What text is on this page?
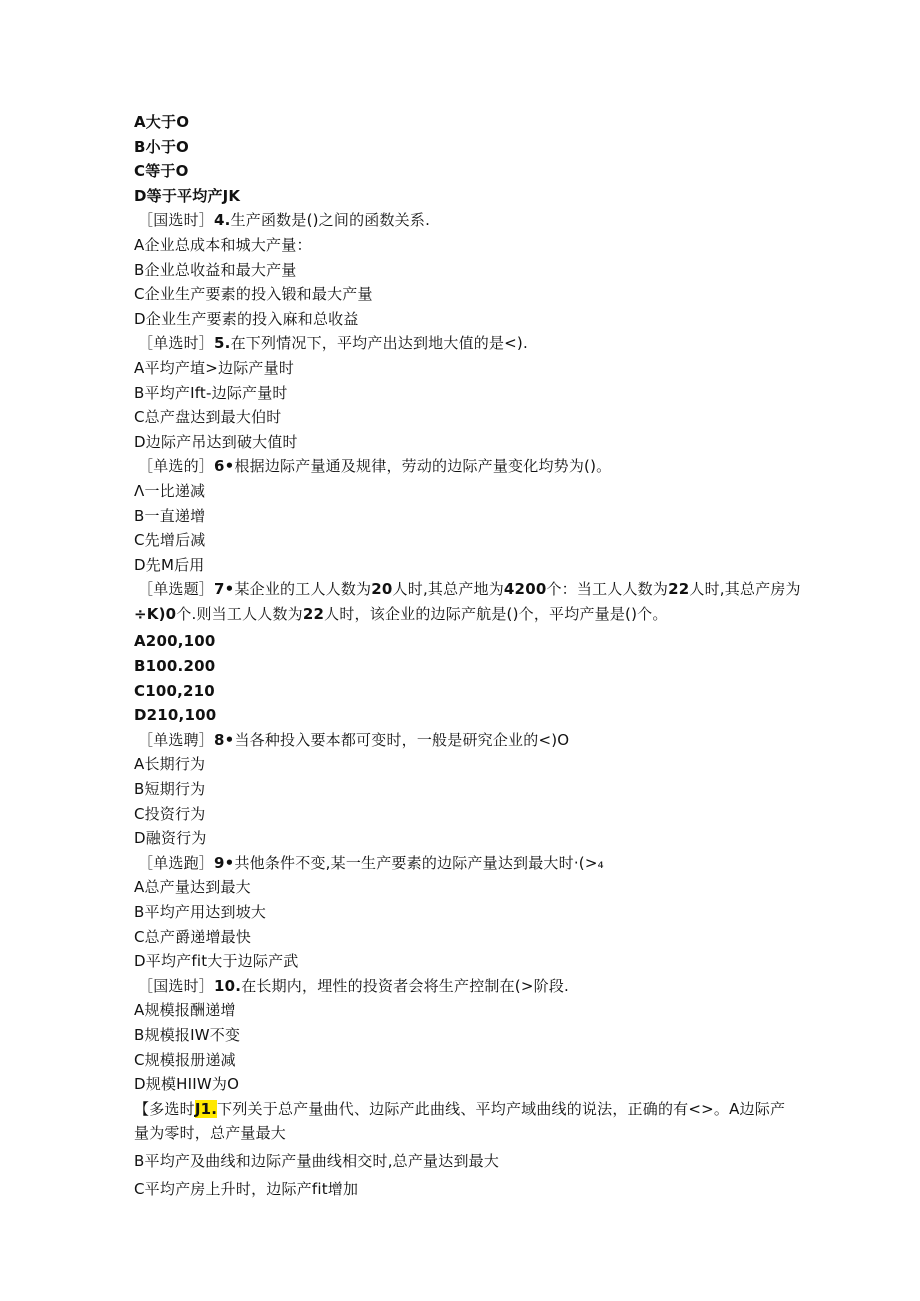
A大于O
B小于O
C等于O
D等于平均产JK
［国选时］4.生产函数是()之间的函数关系.
A企业总成本和城大产量：
B企业总收益和最大产量
C企业生产要素的投入锻和最大产量
D企业生产要素的投入麻和总收益
［单选时］5.在下列情况下，平均产出达到地大值的是<).
A平均产埴>边际产量时
B平均产Ift-边际产量时
C总产盘达到最大伯时
D边际产吊达到破大值时
［单选的］6•根据边际产量通及规律，劳动的边际产量变化均势为()。
Λ一比递减
B一直递增
C先增后减
D先M后用
［单选题］7•某企业的工人人数为20人时,其总产地为4200个：当工人人数为22人时,其总产房为
÷K)0个.则当工人人数为22人时，该企业的边际产航是()个，平均产量是()个。
A200,100
B100.200
C100,210
D210,100
［单选聘］8•当各种投入要本都可变时，一般是研究企业的<)O
A长期行为
B短期行为
C投资行为
D融资行为
［单选跑］9•共他条件不变,某一生产要素的边际产量达到最大时·(>₄
A总产量达到最大
B平均产用达到坡大
C总产爵递增最快
D平均产fit大于边际产武
［国选时］10.在长期内，埋性的投资者会将生产控制在(>阶段.
A规模报酬递增
B规模报IW不变
C规模报册递减
D规模HIIW为O
【多选时J1.下列关于总产量曲代、边际产此曲线、平均产域曲线的说法，正确的有<>。A边际产
量为零时，总产量最大
B平均产及曲线和边际产量曲线相交时,总产量达到最大
C平均产房上升时，边际产fit增加
